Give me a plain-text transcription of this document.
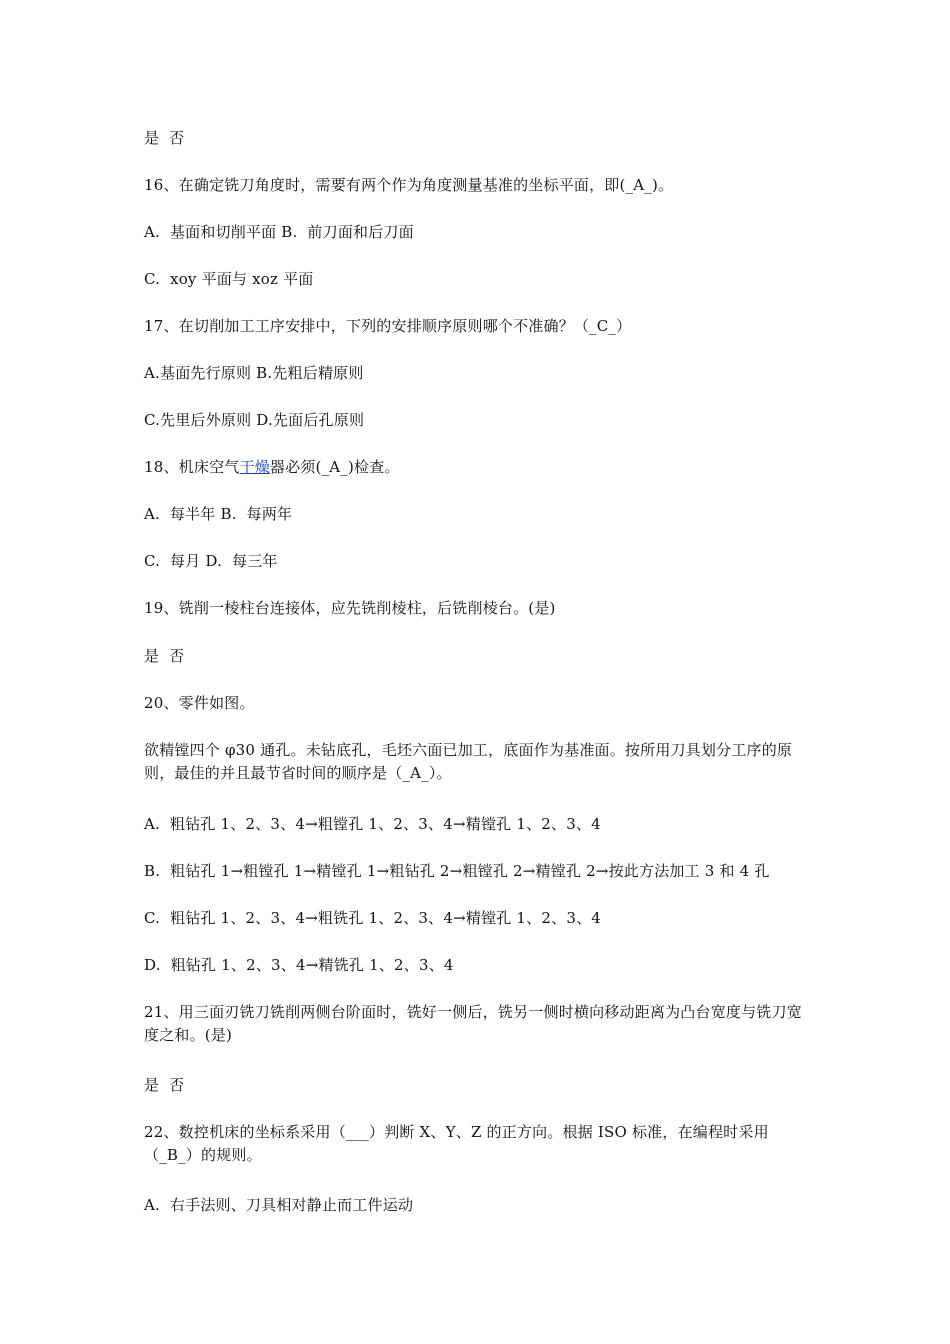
是  否

16、在确定铣刀角度时，需要有两个作为角度测量基准的坐标平面，即(_A_)。

A.  基面和切削平面 B.  前刀面和后刀面

C.  xoy 平面与 xoz 平面

17、在切削加工工序安排中，下列的安排顺序原则哪个不准确？（_C_）

A.基面先行原则 B.先粗后精原则

C.先里后外原则 D.先面后孔原则

18、机床空气干燥器必须(_A_)检查。

A.  每半年 B.  每两年

C.  每月 D.  每三年

19、铣削一棱柱台连接体，应先铣削棱柱，后铣削棱台。(是)

是  否

20、零件如图。

欲精镗四个 φ30 通孔。未钻底孔，毛坯六面已加工，底面作为基准面。按所用刀具划分工序的原则，最佳的并且最节省时间的顺序是（_A_）。

A.  粗钻孔 1、2、3、4→粗镗孔 1、2、3、4→精镗孔 1、2、3、4

B.  粗钻孔 1→粗镗孔 1→精镗孔 1→粗钻孔 2→粗镗孔 2→精镗孔 2→按此方法加工 3 和 4 孔

C.  粗钻孔 1、2、3、4→粗铣孔 1、2、3、4→精镗孔 1、2、3、4

D.  粗钻孔 1、2、3、4→精铣孔 1、2、3、4

21、用三面刃铣刀铣削两侧台阶面时，铣好一侧后，铣另一侧时横向移动距离为凸台宽度与铣刀宽度之和。(是)

是  否

22、数控机床的坐标系采用（___）判断 X、Y、Z 的正方向。根据 ISO 标准，在编程时采用（_B_）的规则。

A.  右手法则、刀具相对静止而工件运动
